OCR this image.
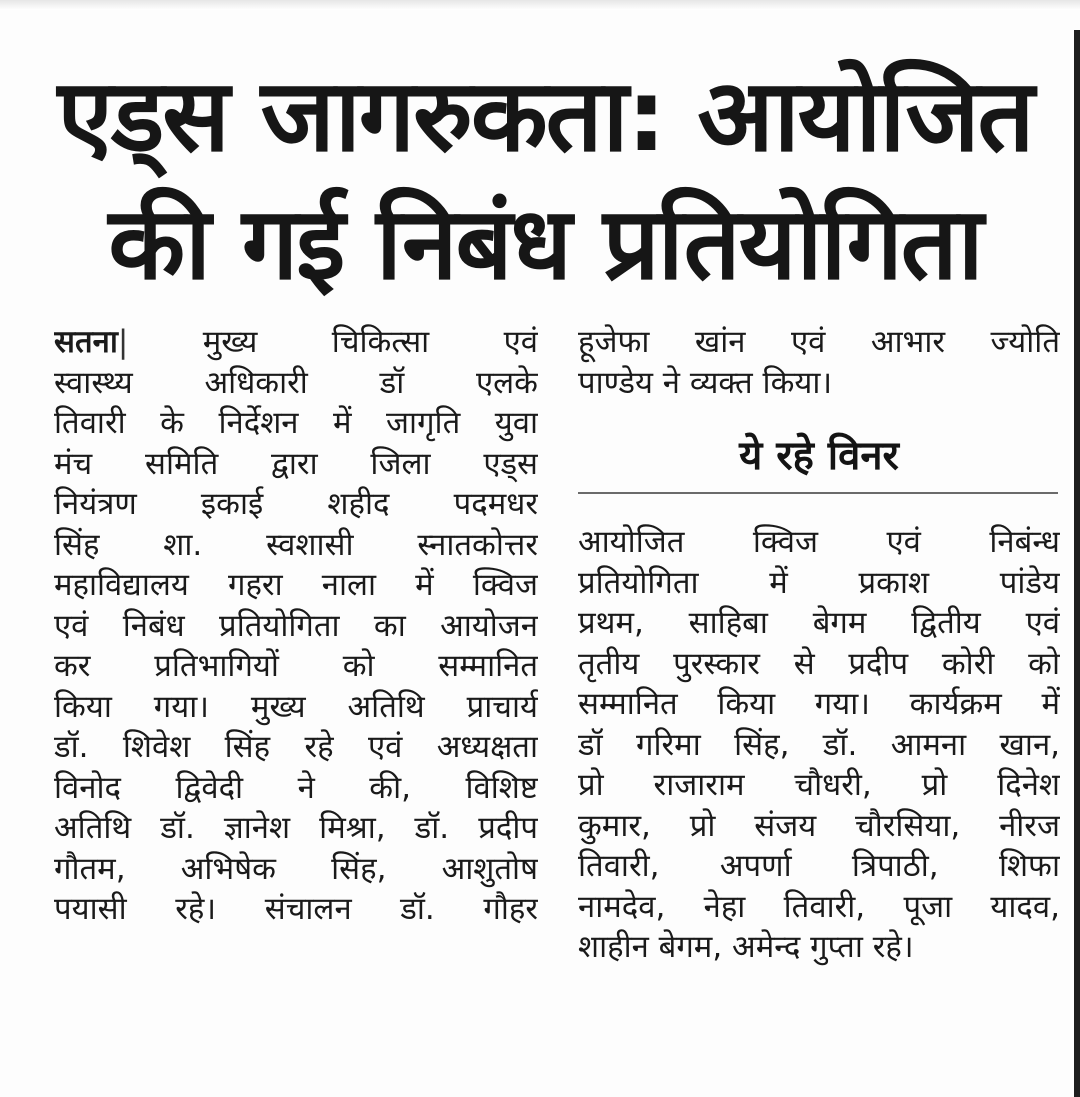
एड्स जागरुकता: आयोजित
की गई निबंध प्रतियोगिता
सतना| मुख्य चिकित्सा एवं
स्वास्थ्य अधिकारी डॉ एलके
तिवारी के निर्देशन में जागृति युवा
मंच समिति द्वारा जिला एड्स
नियंत्रण इकाई शहीद पदमधर
सिंह शा. स्वशासी स्नातकोत्तर
महाविद्यालय गहरा नाला में क्विज
एवं निबंध प्रतियोगिता का आयोजन
कर प्रतिभागियों को सम्मानित
किया गया। मुख्य अतिथि प्राचार्य
डॉ. शिवेश सिंह रहे एवं अध्यक्षता
विनोद द्विवेदी ने की, विशिष्ट
अतिथि डॉ. ज्ञानेश मिश्रा, डॉ. प्रदीप
गौतम, अभिषेक सिंह, आशुतोष
पयासी रहे। संचालन डॉ. गौहर
हूजेफा खांन एवं आभार ज्योति
पाण्डेय ने व्यक्त किया।
ये रहे विनर
आयोजित क्विज एवं निबंन्ध
प्रतियोगिता में प्रकाश पांडेय
प्रथम, साहिबा बेगम द्वितीय एवं
तृतीय पुरस्कार से प्रदीप कोरी को
सम्मानित किया गया। कार्यक्रम में
डॉ गरिमा सिंह, डॉ. आमना खान,
प्रो राजाराम चौधरी, प्रो दिनेश
कुमार, प्रो संजय चौरसिया, नीरज
तिवारी, अपर्णा त्रिपाठी, शिफा
नामदेव, नेहा तिवारी, पूजा यादव,
शाहीन बेगम, अमेन्द गुप्ता रहे।
